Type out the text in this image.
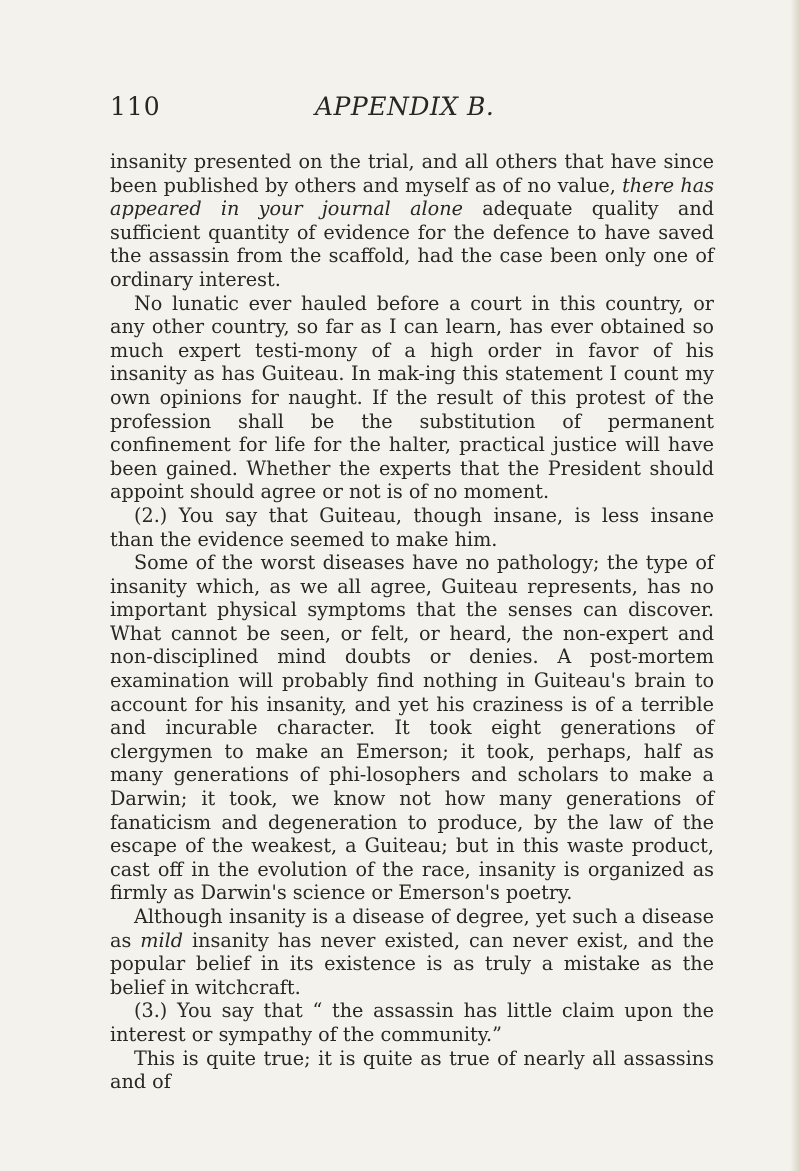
110	APPENDIX B.

insanity presented on the trial, and all others that have since been published by others and myself as of no value, there has appeared in your journal alone adequate quality and sufficient quantity of evidence for the defence to have saved the assassin from the scaffold, had the case been only one of ordinary interest.

No lunatic ever hauled before a court in this country, or any other country, so far as I can learn, has ever obtained so much expert testi-mony of a high order in favor of his insanity as has Guiteau. In mak-ing this statement I count my own opinions for naught. If the result of this protest of the profession shall be the substitution of permanent confinement for life for the halter, practical justice will have been gained. Whether the experts that the President should appoint should agree or not is of no moment.

(2.) You say that Guiteau, though insane, is less insane than the evidence seemed to make him.

Some of the worst diseases have no pathology; the type of insanity which, as we all agree, Guiteau represents, has no important physical symptoms that the senses can discover. What cannot be seen, or felt, or heard, the non-expert and non-disciplined mind doubts or denies. A post-mortem examination will probably find nothing in Guiteau's brain to account for his insanity, and yet his craziness is of a terrible and incurable character. It took eight generations of clergymen to make an Emerson; it took, perhaps, half as many generations of phi-losophers and scholars to make a Darwin; it took, we know not how many generations of fanaticism and degeneration to produce, by the law of the escape of the weakest, a Guiteau; but in this waste product, cast off in the evolution of the race, insanity is organized as firmly as Darwin's science or Emerson's poetry.

Although insanity is a disease of degree, yet such a disease as mild insanity has never existed, can never exist, and the popular belief in its existence is as truly a mistake as the belief in witchcraft.

(3.) You say that “ the assassin has little claim upon the interest or sympathy of the community.”

This is quite true; it is quite as true of nearly all assassins and of
